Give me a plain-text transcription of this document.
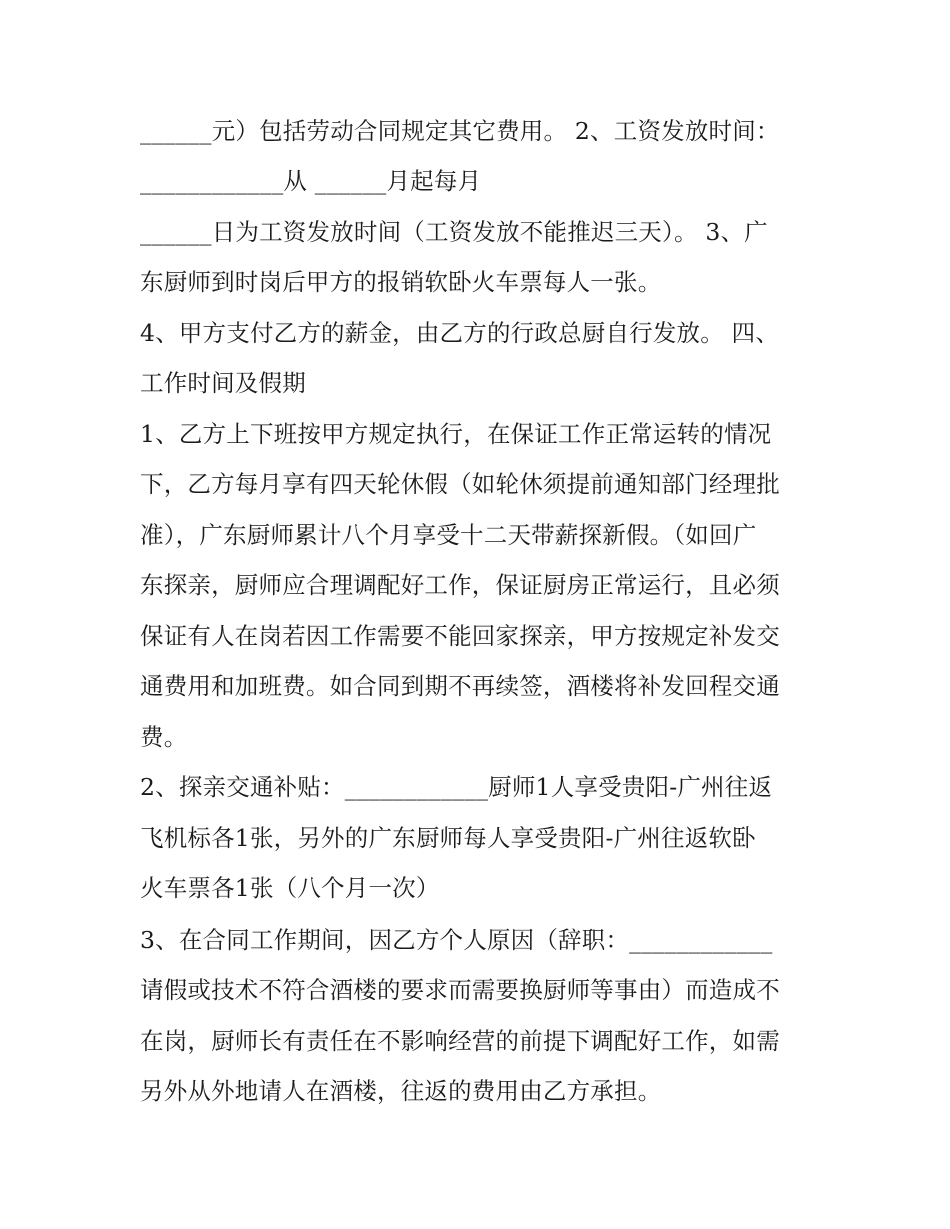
______元）包括劳动合同规定其它费用。 2、工资发放时间：
____________从 ______月起每月
______日为工资发放时间（工资发放不能推迟三天）。 3、广
东厨师到时岗后甲方的报销软卧火车票每人一张。
4、甲方支付乙方的薪金，由乙方的行政总厨自行发放。 四、
工作时间及假期
1、乙方上下班按甲方规定执行，在保证工作正常运转的情况
下，乙方每月享有四天轮休假（如轮休须提前通知部门经理批
准），广东厨师累计八个月享受十二天带薪探新假。（如回广
东探亲，厨师应合理调配好工作，保证厨房正常运行，且必须
保证有人在岗若因工作需要不能回家探亲，甲方按规定补发交
通费用和加班费。如合同到期不再续签，酒楼将补发回程交通
费。
2、探亲交通补贴：____________厨师1人享受贵阳-广州往返
飞机标各1张，另外的广东厨师每人享受贵阳-广州往返软卧
火车票各1张（八个月一次）
3、在合同工作期间，因乙方个人原因（辞职：____________
请假或技术不符合酒楼的要求而需要换厨师等事由）而造成不
在岗，厨师长有责任在不影响经营的前提下调配好工作，如需
另外从外地请人在酒楼，往返的费用由乙方承担。
